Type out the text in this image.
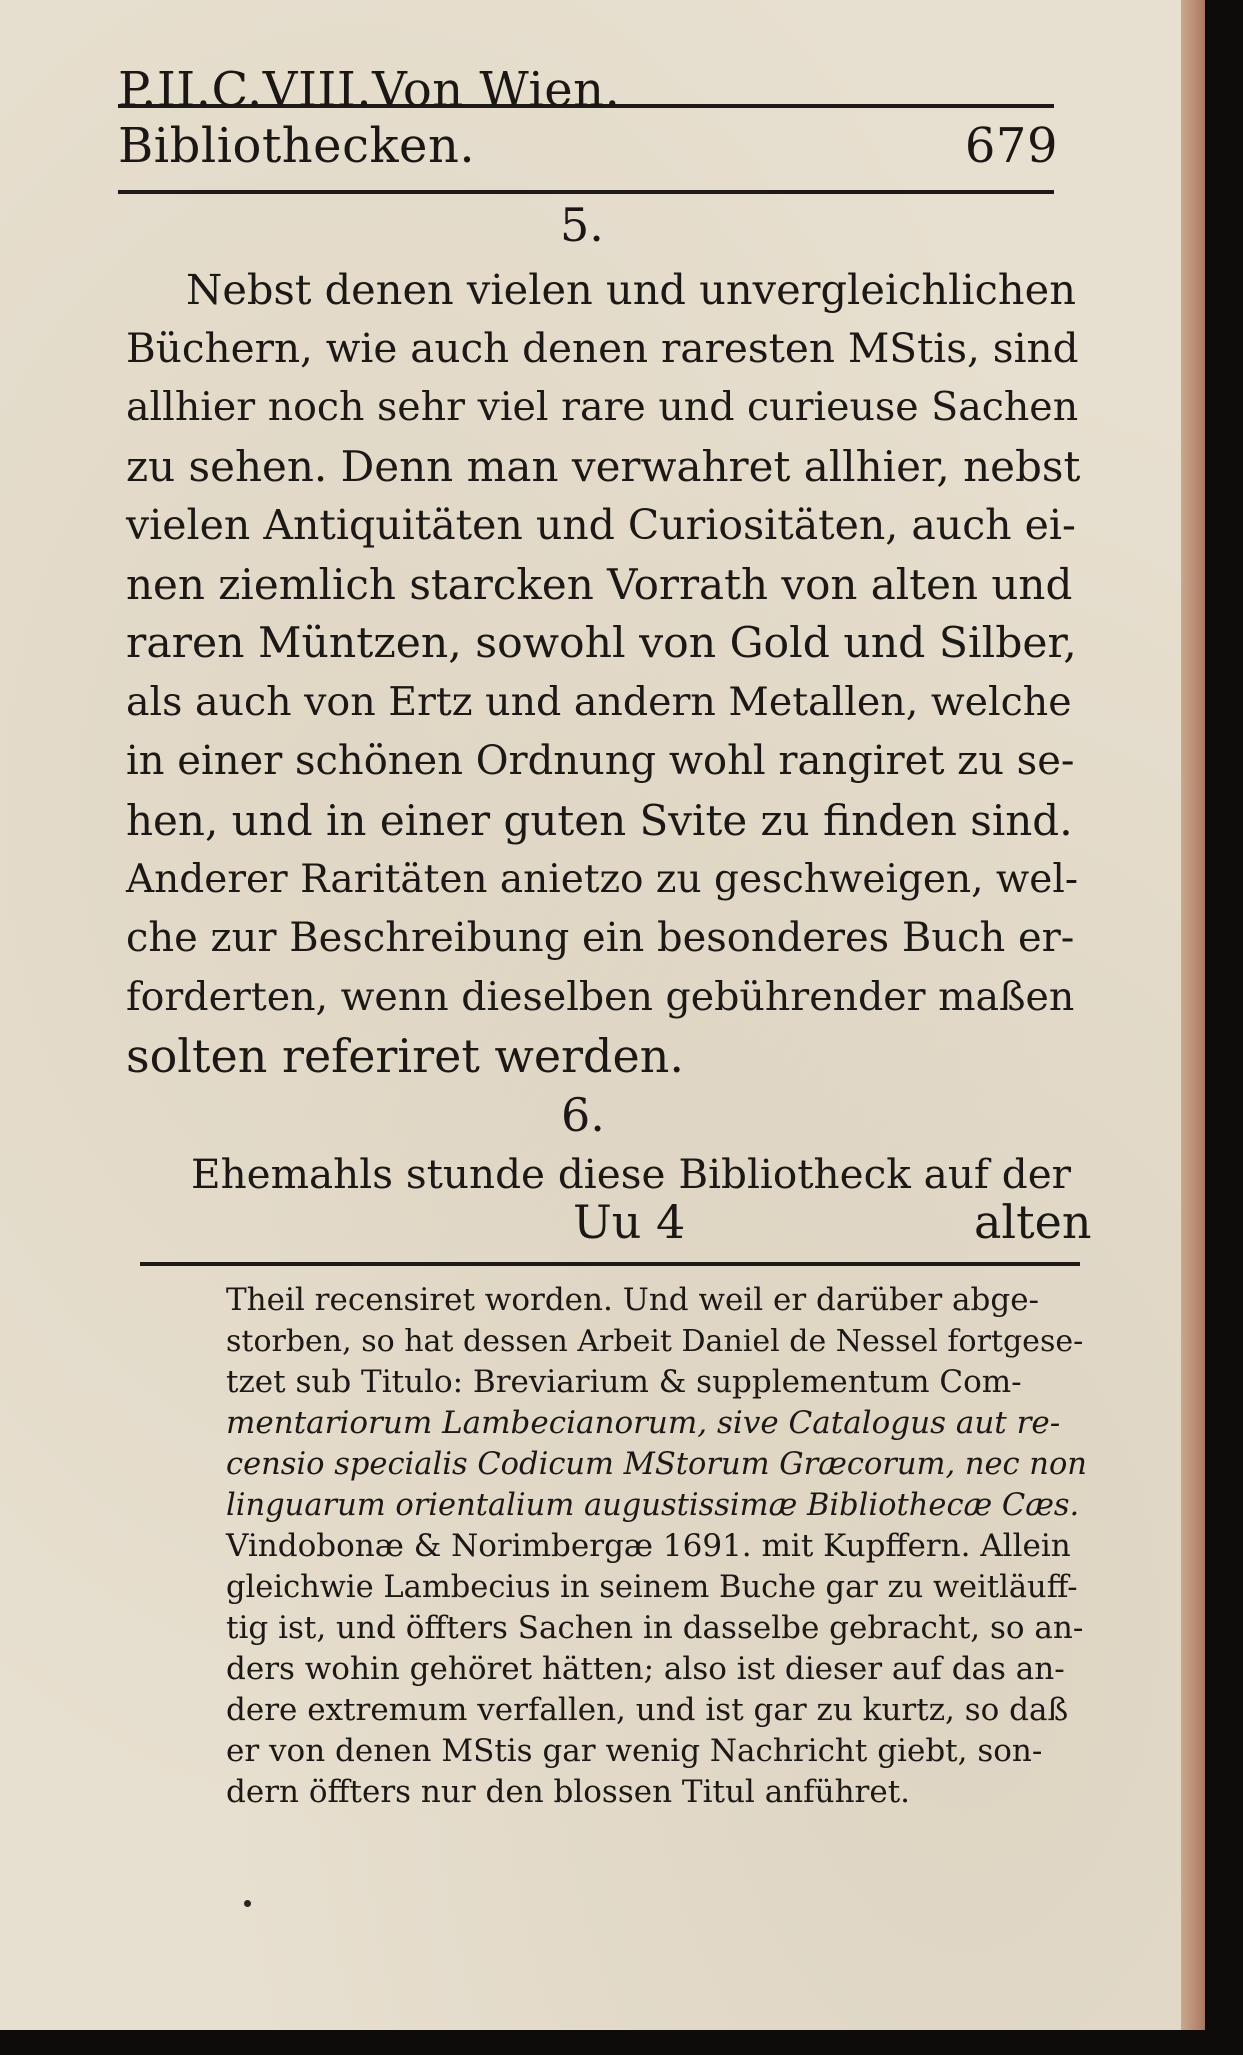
P.II.C.VIII.Von Wien. Bibliothecken.	679
5.
Nebst denen vielen und unvergleichlichen
Büchern, wie auch denen raresten MStis, sind
allhier noch sehr viel rare und curieuse Sachen
zu sehen. Denn man verwahret allhier, nebst
vielen Antiquitäten und Curiositäten, auch ei-
nen ziemlich starcken Vorrath von alten und
raren Müntzen, sowohl von Gold und Silber,
als auch von Ertz und andern Metallen, welche
in einer schönen Ordnung wohl rangiret zu se-
hen, und in einer guten Svite zu finden sind.
Anderer Raritäten anietzo zu geschweigen, wel-
che zur Beschreibung ein besonderes Buch er-
forderten, wenn dieselben gebührender maßen
solten referiret werden.
6.
Ehemahls stunde diese Bibliotheck auf der
Uu 4	alten
Theil recensiret worden. Und weil er darüber abge-
storben, so hat dessen Arbeit Daniel de Nessel fortgese-
tzet sub Titulo: Breviarium & supplementum Com-
mentariorum Lambecianorum, sive Catalogus aut re-
censio specialis Codicum MStorum Græcorum, nec non
linguarum orientalium augustissimæ Bibliothecæ Cæs.
Vindobonæ & Norimbergæ 1691. mit Kupffern. Allein
gleichwie Lambecius in seinem Buche gar zu weitläuff-
tig ist, und öffters Sachen in dasselbe gebracht, so an-
ders wohin gehöret hätten; also ist dieser auf das an-
dere extremum verfallen, und ist gar zu kurtz, so daß
er von denen MStis gar wenig Nachricht giebt, son-
dern öffters nur den blossen Titul anführet.
